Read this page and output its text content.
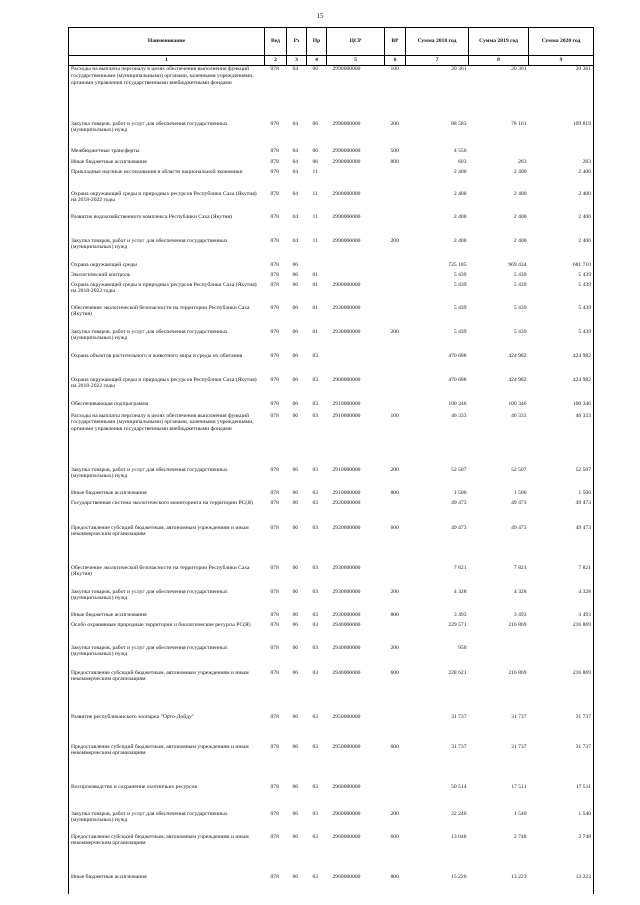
15
Наименование	Вед	Рз	Пр	ЦСР	ВР	Сумма 2018 год	Сумма 2019 год	Сумма 2020 год
1	2	3	4	5	6	7	8	9
Расходы на выплаты персоналу в целях обеспечения выполнения функций государственными (муниципальными) органами, казенными учреждениями, органами управления государственными внебюджетными фондами	078	04	06	2990000000	100	20 361	20 361	20 361
Закупка товаров, работ и услуг для обеспечения государственных (муниципальных) нужд	078	04	06	2990000000	200	88 583	78 161	109 819
Межбюджетные трансферты	078	04	06	2990000000	500	4 556		
Иные бюджетные ассигнования	078	04	06	2990000000	800	603	283	283
Прикладные научные исследования в области национальной экономики	078	04	11			2 400	2 400	2 400
Охрана окружающей среды и природных ресурсов Республики Саха (Якутия) на 2018-2022 годы	078	04	11	2900000000		2 400	2 400	2 400
Развитие водохозяйственного комплекса Республики Саха (Якутия)	078	04	11	2990000000		2 400	2 400	2 400
Закупка товаров, работ и услуг для обеспечения государственных (муниципальных) нужд	078	04	11	2990000000	200	2 400	2 400	2 400
Охрана окружающей среды	078	06				725 185	969 434	681 710
Экологический контроль	078	06	01			5 439	5 439	5 439
Охрана окружающей среды и природных ресурсов Республики Саха (Якутия) на 2018-2022 годы	078	06	01	2900000000		5 439	5 439	5 439
Обеспечение экологической безопасности на территории Республики Саха (Якутия)	078	06	01	2930000000		5 439	5 439	5 439
Закупка товаров, работ и услуг для обеспечения государственных (муниципальных) нужд	078	06	01	2930000000	200	5 439	5 439	5 439
Охрана объектов растительного и животного мира и среды их обитания	078	06	03			470 688	424 982	424 982
Охрана окружающей среды и природных ресурсов Республики Саха (Якутия) на 2018-2022 годы	078	06	03	2900000000		470 688	424 982	424 982
Обеспечивающая подпрограмма	078	06	03	2910000000		100 346	100 346	100 346
Расходы на выплаты персоналу в целях обеспечения выполнения функций государственными (муниципальными) органами, казенными учреждениями, органами управления государственными внебюджетными фондами	078	06	03	2910000000	100	46 333	46 333	46 333
Закупка товаров, работ и услуг для обеспечения государственных (муниципальных) нужд	078	06	03	2910000000	200	52 507	52 507	52 507
Иные бюджетные ассигнования	078	06	03	2910000000	800	1 506	1 506	1 506
Государственная система экологического мониторинга на территории РС(Я)	078	06	03	2920000000		49 473	49 473	49 473
Предоставление субсидий бюджетным, автономным учреждениям и иным некоммерческим организациям	078	06	03	2920000000	600	49 473	49 473	49 473
Обеспечение экологической безопасности на территории Республики Саха (Якутия)	078	06	03	2930000000		7 821	7 821	7 821
Закупка товаров, работ и услуг для обеспечения государственных (муниципальных) нужд	078	06	03	2930000000	200	4 328	4 328	4 328
Иные бюджетные ассигнования	078	06	03	2930000000	800	3 493	3 493	3 493
Особо охраняемые природные территории и биологические ресурсы РС(Я)	078	06	03	2940000000		229 571	216 869	216 869
Закупка товаров, работ и услуг для обеспечения государственных (муниципальных) нужд	078	06	03	2940000000	200	950		
Предоставление субсидий бюджетным, автономным учреждениям и иным некоммерческим организациям	078	06	03	2940000000	600	228 621	216 869	216 869
Развитие республиканского зоопарка "Орто-Дойду"	078	06	03	2950000000		31 737	31 737	31 737
Предоставление субсидий бюджетным, автономным учреждениям и иным некоммерческим организациям	078	06	03	2950000000	600	31 737	31 737	31 737
Воспроизводство и сохранение охотничьих ресурсов	078	06	03	2960000000		50 514	17 511	17 511
Закупка товаров, работ и услуг для обеспечения государственных (муниципальных) нужд	078	06	03	2960000000	200	22 240	1 540	1 540
Предоставление субсидий бюджетным, автономным учреждениям и иным некоммерческим организациям	078	06	03	2960000000	600	13 048	2 748	2 748
Иные бюджетные ассигнования	078	06	03	2960000000	800	15 226	13 223	13 223
